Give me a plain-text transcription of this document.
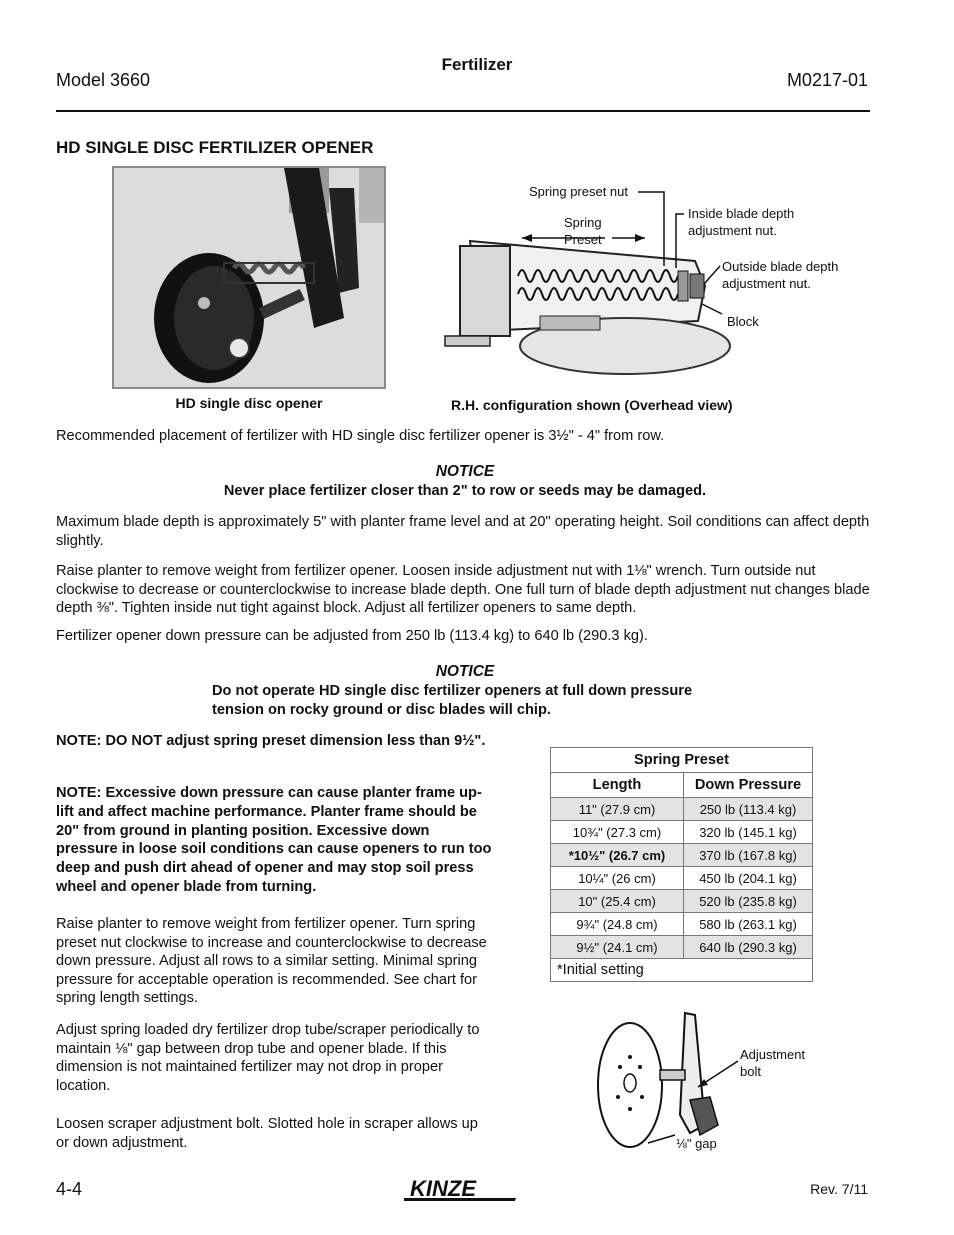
Fertilizer
Model 3660	M0217-01
HD SINGLE DISC FERTILIZER OPENER
HD single disc opener
Spring preset nut
Spring
Preset
Inside blade depth
adjustment nut.
Outside blade depth
adjustment nut.
Block
R.H. configuration shown (Overhead view)
Recommended placement of fertilizer with HD single disc fertilizer opener is 3½" - 4" from row.
NOTICE
Never place fertilizer closer than 2" to row or seeds may be damaged.
Maximum blade depth is approximately 5" with planter frame level and at 20" operating height. Soil conditions can affect depth slightly.
Raise planter to remove weight from fertilizer opener. Loosen inside adjustment nut with 1⅛" wrench. Turn outside nut clockwise to decrease or counterclockwise to increase blade depth. One full turn of blade depth adjustment nut changes blade depth ⅜". Tighten inside nut tight against block. Adjust all fertilizer openers to same depth.
Fertilizer opener down pressure can be adjusted from 250 lb (113.4 kg) to 640 lb (290.3 kg).
NOTICE
Do not operate HD single disc fertilizer openers at full down pressure
tension on rocky ground or disc blades will chip.
NOTE: DO NOT adjust spring preset dimension less than 9½".
NOTE: Excessive down pressure can cause planter frame up-lift and affect machine performance. Planter frame should be 20" from ground in planting position. Excessive down pressure in loose soil conditions can cause openers to run too deep and push dirt ahead of opener and may stop soil press wheel and opener blade from turning.
Raise planter to remove weight from fertilizer opener. Turn spring preset nut clockwise to increase and counterclockwise to decrease down pressure. Adjust all rows to a similar setting. Minimal spring pressure for acceptable operation is recommended. See chart for spring length settings.
Adjust spring loaded dry fertilizer drop tube/scraper periodically to maintain ⅛" gap between drop tube and opener blade. If this dimension is not maintained fertilizer may not drop in proper location.
Loosen scraper adjustment bolt. Slotted hole in scraper allows up or down adjustment.
Spring Preset	
Length	Down Pressure
11" (27.9 cm)	250 lb (113.4 kg)
10¾" (27.3 cm)	320 lb (145.1 kg)
*10½" (26.7 cm)	370 lb (167.8 kg)
10¼" (26 cm)	450 lb (204.1 kg)
10" (25.4 cm)	520 lb (235.8 kg)
9¾" (24.8 cm)	580 lb (263.1 kg)
9½" (24.1 cm)	640 lb (290.3 kg)
*Initial setting	
Adjustment
bolt
⅛" gap
4-4	KINZE	Rev. 7/11
